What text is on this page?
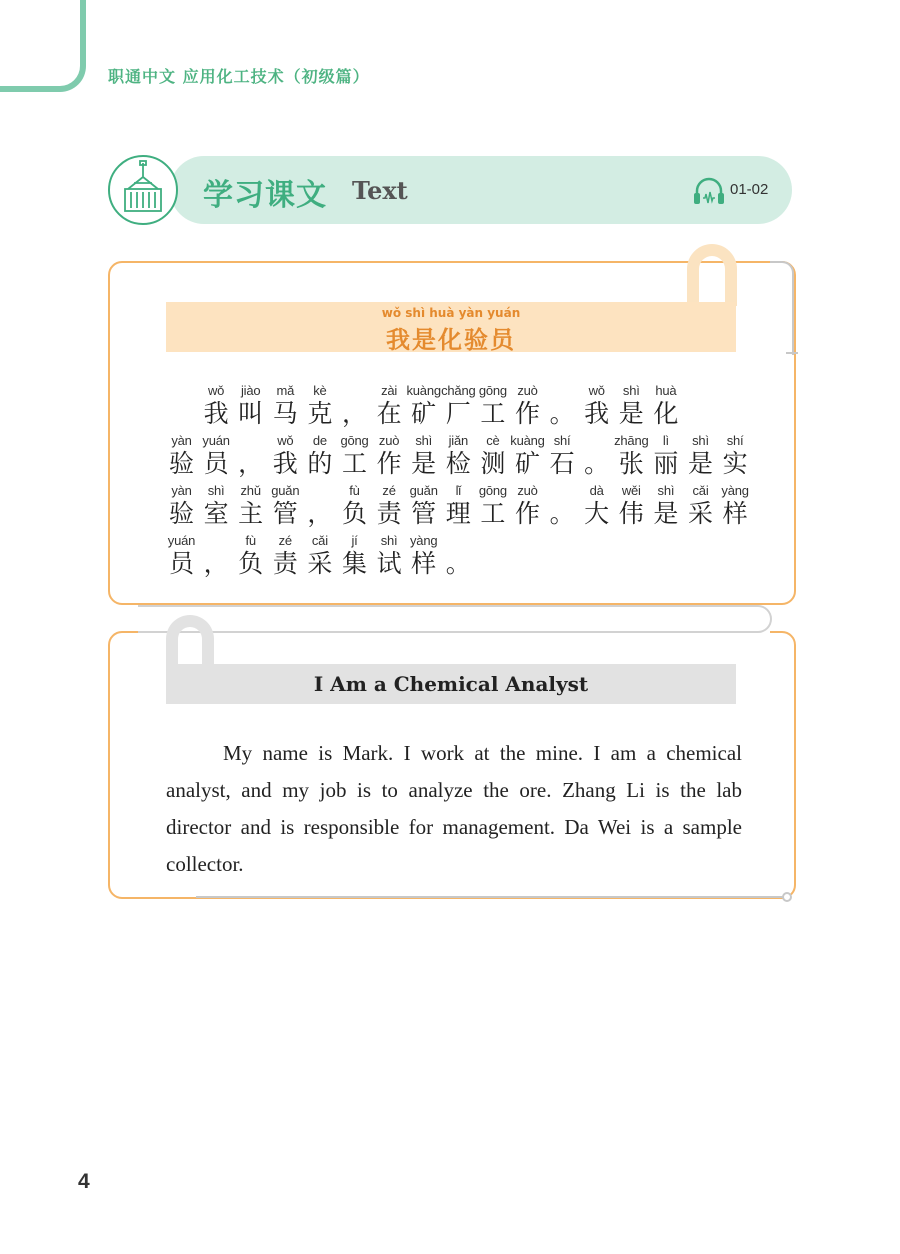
职通中文 应用化工技术（初级篇）
学习课文 Text	01-02
wǒ shì huà yàn yuán
我是化验员
wǒ
我
jiào
叫
mǎ
马
kè
克 ，
zài
在
kuàng
矿
chǎng
厂
gōng
工
zuò
作 。
wǒ
我
shì
是
huà
化
yàn
验
yuán
员 ，
wǒ
我
de
的
gōng
工
zuò
作
shì
是
jiǎn
检
cè
测
kuàng
矿
shí
石 。
zhāng
张
lì
丽
shì
是
shí
实
yàn
验
shì
室
zhǔ
主
guǎn
管 ，
fù
负
zé
责
guǎn
管
lǐ
理
gōng
工
zuò
作 。
dà
大
wěi
伟
shì
是
cǎi
采
yàng
样
yuán
员 ，
fù
负
zé
责
cǎi
采
jí
集
shì
试
yàng
样 。
I Am a Chemical Analyst

My name is Mark. I work at the mine. I am a chemical analyst, and my job is to analyze the ore. Zhang Li is the lab director and is responsible for management. Da Wei is a sample collector.

4
